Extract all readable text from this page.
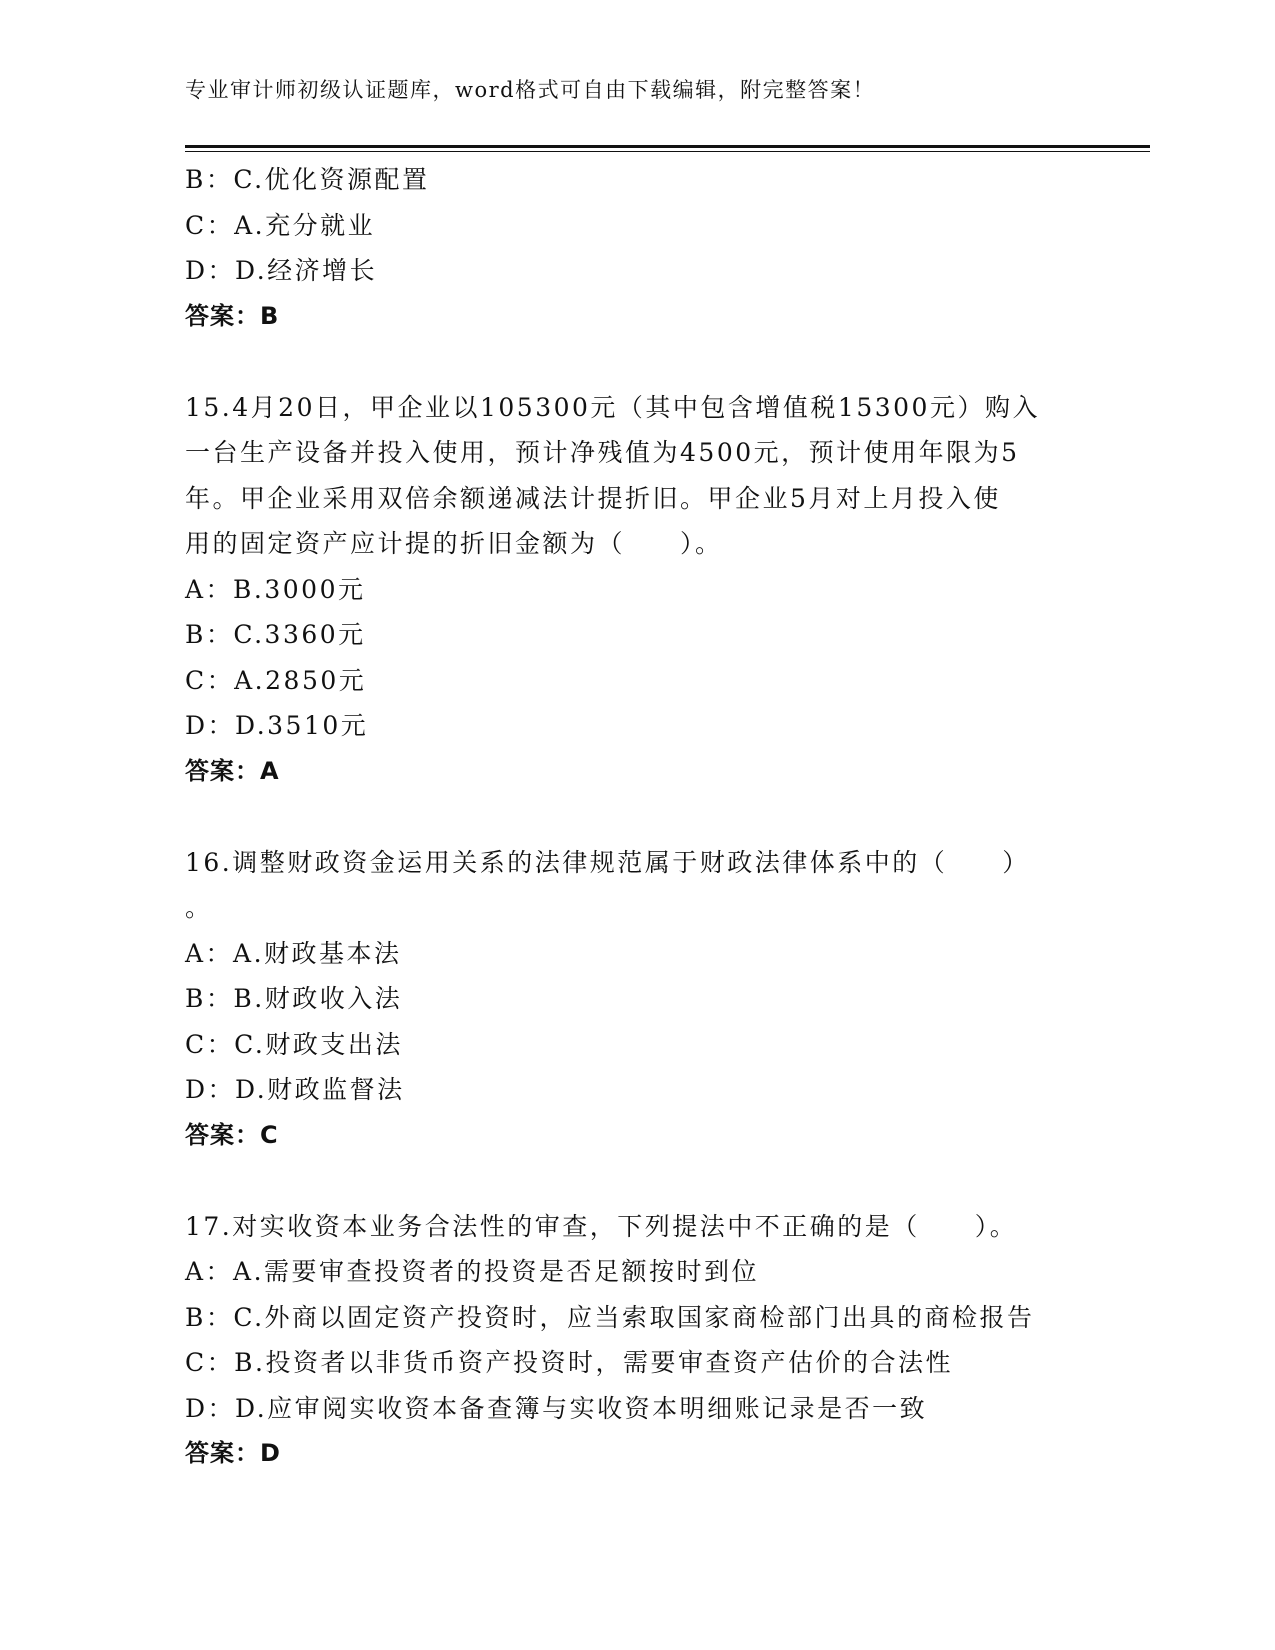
专业审计师初级认证题库，word格式可自由下载编辑，附完整答案！
B：C.优化资源配置
C：A.充分就业
D：D.经济增长
答案：B
15.4月20日，甲企业以105300元（其中包含增值税15300元）购入
一台生产设备并投入使用，预计净残值为4500元，预计使用年限为5
年。甲企业采用双倍余额递减法计提折旧。甲企业5月对上月投入使
用的固定资产应计提的折旧金额为（　　）。
A：B.3000元
B：C.3360元
C：A.2850元
D：D.3510元
答案：A
16.调整财政资金运用关系的法律规范属于财政法律体系中的（　　）
。
A：A.财政基本法
B：B.财政收入法
C：C.财政支出法
D：D.财政监督法
答案：C
17.对实收资本业务合法性的审查，下列提法中不正确的是（　　）。
A：A.需要审查投资者的投资是否足额按时到位
B：C.外商以固定资产投资时，应当索取国家商检部门出具的商检报告
C：B.投资者以非货币资产投资时，需要审查资产估价的合法性
D：D.应审阅实收资本备查簿与实收资本明细账记录是否一致
答案：D
